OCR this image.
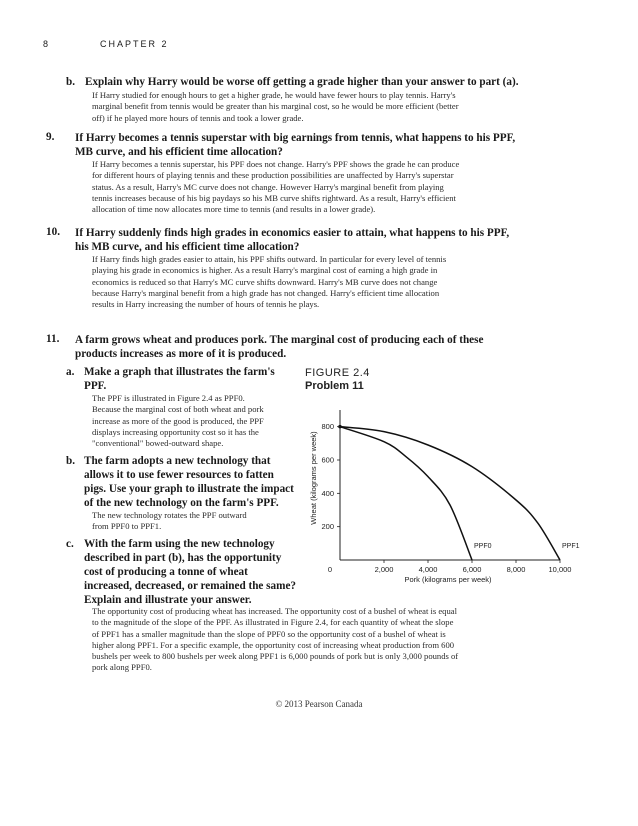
8	CHAPTER 2
b. Explain why Harry would be worse off getting a grade higher than your answer to part (a).
If Harry studied for enough hours to get a higher grade, he would have fewer hours to play tennis. Harry's
marginal benefit from tennis would be greater than his marginal cost, so he would be more efficient (better
off) if he played more hours of tennis and took a lower grade.
9. If Harry becomes a tennis superstar with big earnings from tennis, what happens to his PPF,
MB curve, and his efficient time allocation?
If Harry becomes a tennis superstar, his PPF does not change. Harry's PPF shows the grade he can produce
for different hours of playing tennis and these production possibilities are unaffected by Harry's superstar
status. As a result, Harry's MC curve does not change. However Harry's marginal benefit from playing
tennis increases because of his big paydays so his MB curve shifts rightward. As a result, Harry's efficient
allocation of time now allocates more time to tennis (and results in a lower grade).
10. If Harry suddenly finds high grades in economics easier to attain, what happens to his PPF,
his MB curve, and his efficient time allocation?
If Harry finds high grades easier to attain, his PPF shifts outward. In particular for every level of tennis
playing his grade in economics is higher. As a result Harry's marginal cost of earning a high grade in
economics is reduced so that Harry's MC curve shifts downward. Harry's MB curve does not change
because Harry's marginal benefit from a high grade has not changed. Harry's efficient time allocation
results in Harry increasing the number of hours of tennis he plays.
11. A farm grows wheat and produces pork. The marginal cost of producing each of these
products increases as more of it is produced.
a. Make a graph that illustrates the farm's
PPF.
The PPF is illustrated in Figure 2.4 as PPF0.
Because the marginal cost of both wheat and pork
increase as more of the good is produced, the PPF
displays increasing opportunity cost so it has the
"conventional" bowed-outward shape.
b. The farm adopts a new technology that
allows it to use fewer resources to fatten
pigs. Use your graph to illustrate the impact
of the new technology on the farm's PPF.
The new technology rotates the PPF outward
from PPF0 to PPF1.
c. With the farm using the new technology
described in part (b), has the opportunity
cost of producing a tonne of wheat
increased, decreased, or remained the same?
Explain and illustrate your answer.
The opportunity cost of producing wheat has increased. The opportunity cost of a bushel of wheat is equal
to the magnitude of the slope of the PPF. As illustrated in Figure 2.4, for each quantity of wheat the slope
of PPF1 has a smaller magnitude than the slope of PPF0 so the opportunity cost of a bushel of wheat is
higher along PPF1. For a specific example, the opportunity cost of increasing wheat production from 600
bushels per week to 800 bushels per week along PPF1 is 6,000 pounds of pork but is only 3,000 pounds of
pork along PPF0.
FIGURE 2.4
Problem 11
PPF0	PPF1
0	2,000	4,000	6,000	8,000	10,000
200
400
600
800
Wheat (kilograms per week)
Pork (kilograms per week)
© 2013 Pearson Canada
